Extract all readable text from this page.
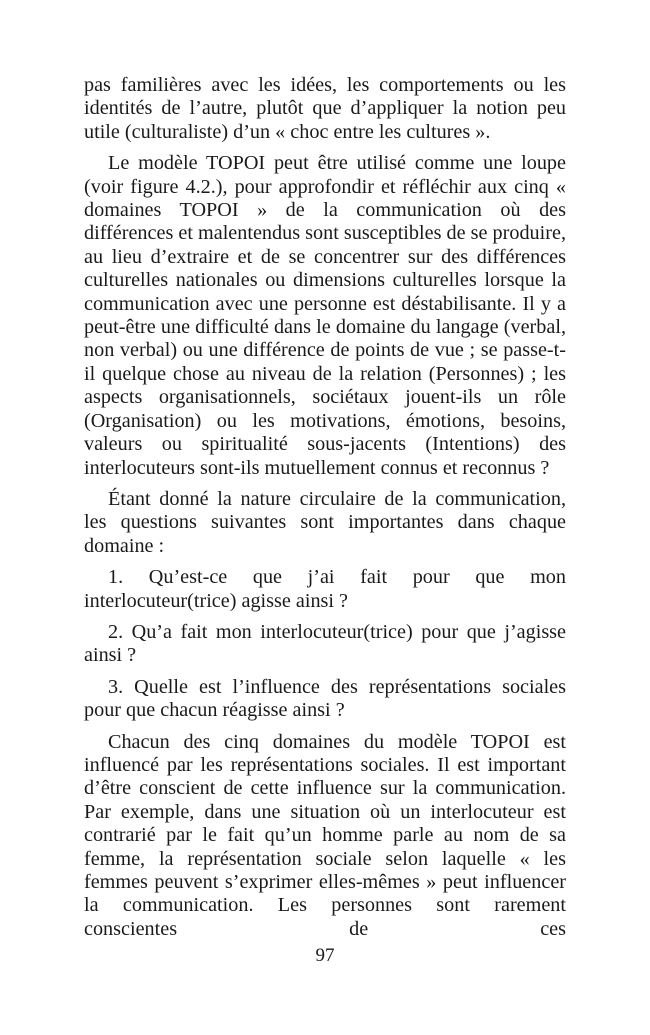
pas familières avec les idées, les comportements ou les identités de l’autre, plutôt que d’appliquer la notion peu utile (culturaliste) d’un « choc entre les cultures ».

Le modèle TOPOI peut être utilisé comme une loupe (voir figure 4.2.), pour approfondir et réfléchir aux cinq « domaines TOPOI » de la communication où des différences et malentendus sont susceptibles de se produire, au lieu d’extraire et de se concentrer sur des différences culturelles nationales ou dimensions culturelles lorsque la communication avec une personne est déstabilisante. Il y a peut-être une difficulté dans le domaine du langage (verbal, non verbal) ou une différence de points de vue ; se passe-t-il quelque chose au niveau de la relation (Personnes) ; les aspects organisationnels, sociétaux jouent-ils un rôle (Organisation) ou les motivations, émotions, besoins, valeurs ou spiritualité sous-jacents (Intentions) des interlocuteurs sont-ils mutuellement connus et reconnus ?

Étant donné la nature circulaire de la communication, les questions suivantes sont importantes dans chaque domaine :

1. Qu’est-ce que j’ai fait pour que mon interlocuteur(trice) agisse ainsi ?

2. Qu’a fait mon interlocuteur(trice) pour que j’agisse ainsi ?

3. Quelle est l’influence des représentations sociales pour que chacun réagisse ainsi ?

Chacun des cinq domaines du modèle TOPOI est influencé par les représentations sociales. Il est important d’être conscient de cette influence sur la communication. Par exemple, dans une situation où un interlocuteur est contrarié par le fait qu’un homme parle au nom de sa femme, la représentation sociale selon laquelle « les femmes peuvent s’exprimer elles-mêmes » peut influencer la communication. Les personnes sont rarement conscientes de ces

97
